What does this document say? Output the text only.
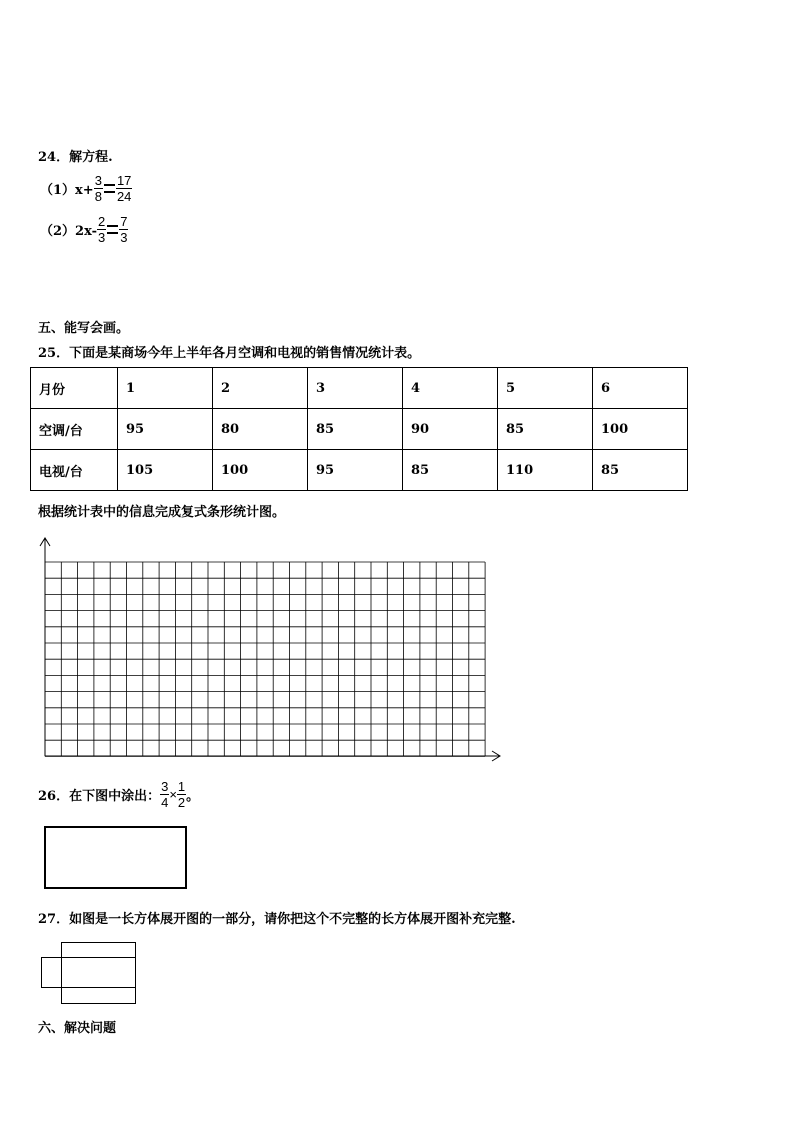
24．解方程.
$(1)x+ \frac{3}{8} \frac{17}{24}$
$(2)2x- \frac{2}{3} \frac{7}{3}$
五、能写会画。
25．下面是某商场今年上半年各月空调和电视的销售情况统计表。
月份	1	2	3	4	5	6
空调/台	95	80	85	90	85	100
电视/台	105	100	95	85	110	85
根据统计表中的信息完成复式条形统计图。
26．在下图中涂出： $\frac{3}{4} \times \frac{1}{2}$ 。
27．如图是一长方体展开图的一部分，请你把这个不完整的长方体展开图补充完整.
六、解决问题
